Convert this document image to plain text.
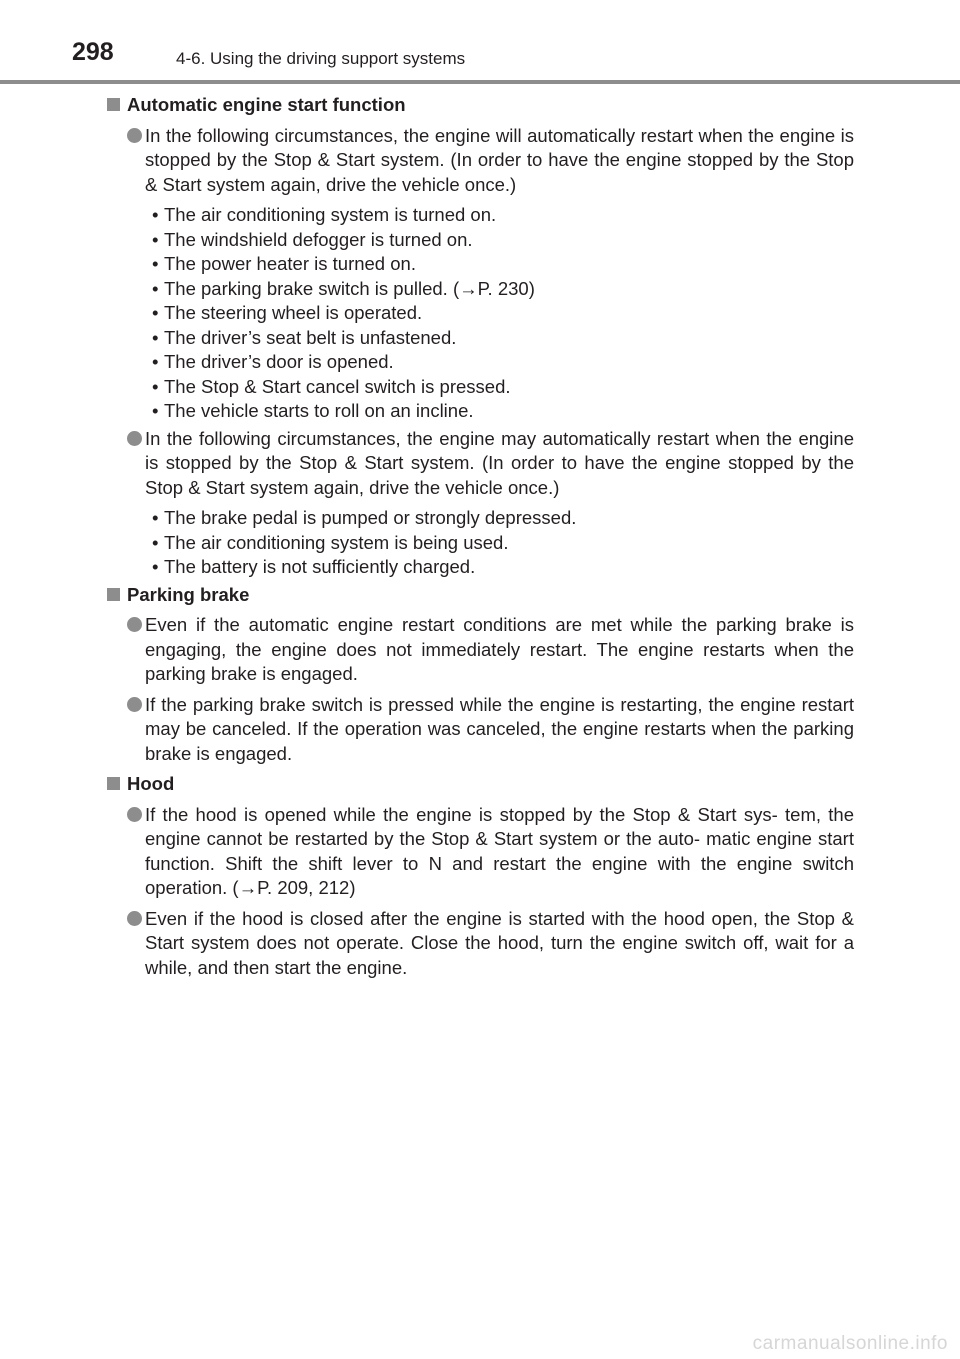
298	4-6. Using the driving support systems
Automatic engine start function
In the following circumstances, the engine will automatically restart when the engine is stopped by the Stop & Start system. (In order to have the engine stopped by the Stop & Start system again, drive the vehicle once.)
• The air conditioning system is turned on.
• The windshield defogger is turned on.
• The power heater is turned on.
• The parking brake switch is pulled. (→P. 230)
• The steering wheel is operated.
• The driver’s seat belt is unfastened.
• The driver’s door is opened.
• The Stop & Start cancel switch is pressed.
• The vehicle starts to roll on an incline.
In the following circumstances, the engine may automatically restart when the engine is stopped by the Stop & Start system. (In order to have the engine stopped by the Stop & Start system again, drive the vehicle once.)
• The brake pedal is pumped or strongly depressed.
• The air conditioning system is being used.
• The battery is not sufficiently charged.
Parking brake
Even if the automatic engine restart conditions are met while the parking brake is engaging, the engine does not immediately restart. The engine restarts when the parking brake is engaged.
If the parking brake switch is pressed while the engine is restarting, the engine restart may be canceled. If the operation was canceled, the engine restarts when the parking brake is engaged.
Hood
If the hood is opened while the engine is stopped by the Stop & Start sys- tem, the engine cannot be restarted by the Stop & Start system or the auto- matic engine start function. Shift the shift lever to N and restart the engine with the engine switch operation. (→P. 209, 212)
Even if the hood is closed after the engine is started with the hood open, the Stop & Start system does not operate. Close the hood, turn the engine switch off, wait for a while, and then start the engine.
carmanualsonline.info
